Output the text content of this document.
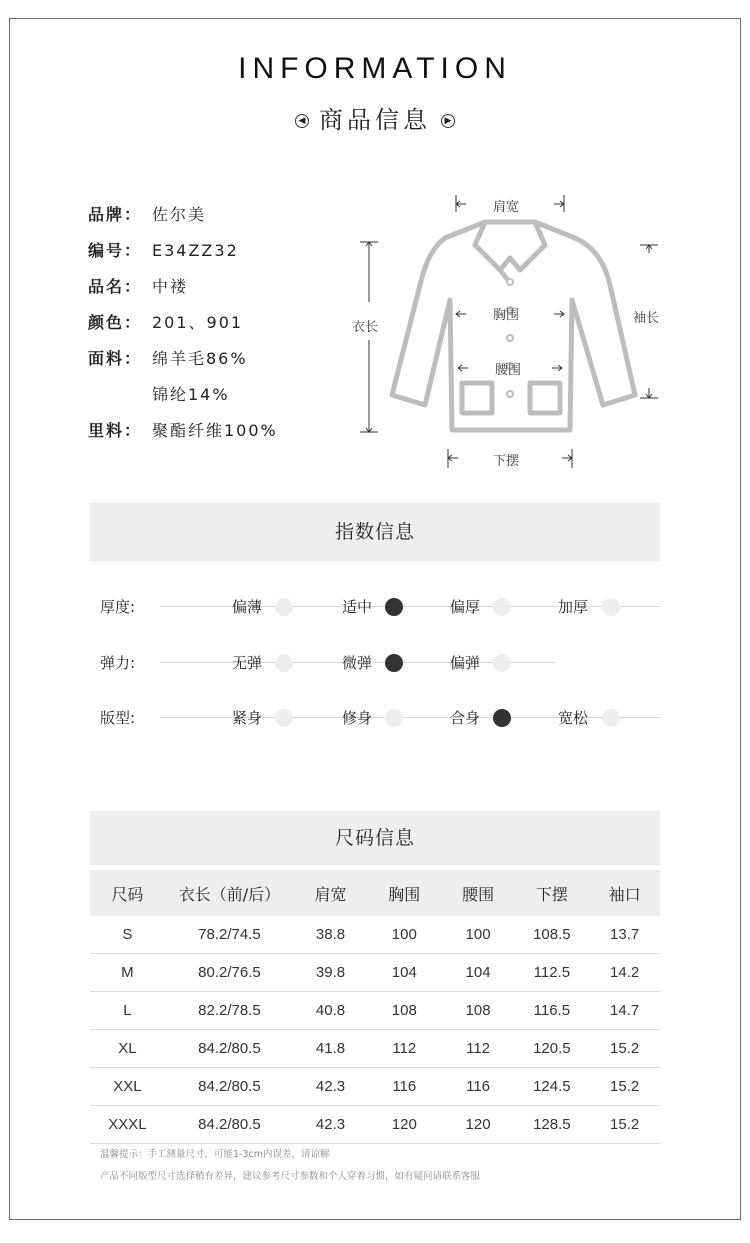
INFORMATION
◀ 商品信息 ▶
品牌： 佐尔美
编号： E34ZZ32
品名： 中褛
颜色： 201、901
面料： 绵羊毛86%
锦纶14%
里料： 聚酯纤维100%
肩宽
衣长
胸围
腰围
下摆
袖长
指数信息
厚度:	偏薄	适中	偏厚	加厚
弹力:	无弹	微弹	偏弹
版型:	紧身	修身	合身	宽松
尺码信息
尺码	衣长（前/后）	肩宽	胸围	腰围	下摆	袖口
S	78.2/74.5	38.8	100	100	108.5	13.7
M	80.2/76.5	39.8	104	104	112.5	14.2
L	82.2/78.5	40.8	108	108	116.5	14.7
XL	84.2/80.5	41.8	112	112	120.5	15.2
XXL	84.2/80.5	42.3	116	116	124.5	15.2
XXXL	84.2/80.5	42.3	120	120	128.5	15.2
温馨提示：手工测量尺寸，可能1-3cm内误差，请谅解
产品不同版型尺寸选择稍有差异，建议参考尺寸参数和个人穿着习惯，如有疑问请联系客服
